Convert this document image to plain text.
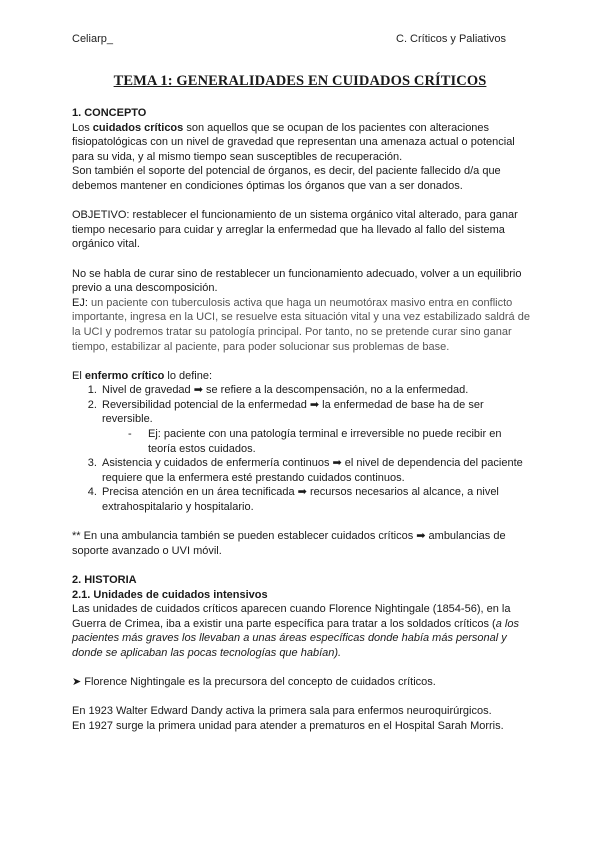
Celiarp_	C. Críticos y Paliativos
TEMA 1: GENERALIDADES EN CUIDADOS CRÍTICOS

1. CONCEPTO

Los cuidados críticos son aquellos que se ocupan de los pacientes con alteraciones fisiopatológicas con un nivel de gravedad que representan una amenaza actual o potencial para su vida, y al mismo tiempo sean susceptibles de recuperación.

Son también el soporte del potencial de órganos, es decir, del paciente fallecido d/a que debemos mantener en condiciones óptimas los órganos que van a ser donados.

OBJETIVO: restablecer el funcionamiento de un sistema orgánico vital alterado, para ganar tiempo necesario para cuidar y arreglar la enfermedad que ha llevado al fallo del sistema orgánico vital.

No se habla de curar sino de restablecer un funcionamiento adecuado, volver a un equilibrio previo a una descomposición.

EJ: un paciente con tuberculosis activa que haga un neumotórax masivo entra en conflicto importante, ingresa en la UCI, se resuelve esta situación vital y una vez estabilizado saldrá de la UCI y podremos tratar su patología principal. Por tanto, no se pretende curar sino ganar tiempo, estabilizar al paciente, para poder solucionar sus problemas de base.

El enfermo crítico lo define:

1. Nivel de gravedad ➡ se refiere a la descompensación, no a la enfermedad.
2. Reversibilidad potencial de la enfermedad ➡ la enfermedad de base ha de ser reversible.
- Ej: paciente con una patología terminal e irreversible no puede recibir en teoría estos cuidados.
3. Asistencia y cuidados de enfermería continuos ➡ el nivel de dependencia del paciente requiere que la enfermera esté prestando cuidados continuos.
4. Precisa atención en un área tecnificada ➡ recursos necesarios al alcance, a nivel extrahospitalario y hospitalario.

** En una ambulancia también se pueden establecer cuidados críticos ➡ ambulancias de soporte avanzado o UVI móvil.

2. HISTORIA

2.1. Unidades de cuidados intensivos

Las unidades de cuidados críticos aparecen cuando Florence Nightingale (1854-56), en la Guerra de Crimea, iba a existir una parte específica para tratar a los soldados críticos (a los pacientes más graves los llevaban a unas áreas específicas donde había más personal y donde se aplicaban las pocas tecnologías que habían).

➤ Florence Nightingale es la precursora del concepto de cuidados críticos.

En 1923 Walter Edward Dandy activa la primera sala para enfermos neuroquirúrgicos.

En 1927 surge la primera unidad para atender a prematuros en el Hospital Sarah Morris.
